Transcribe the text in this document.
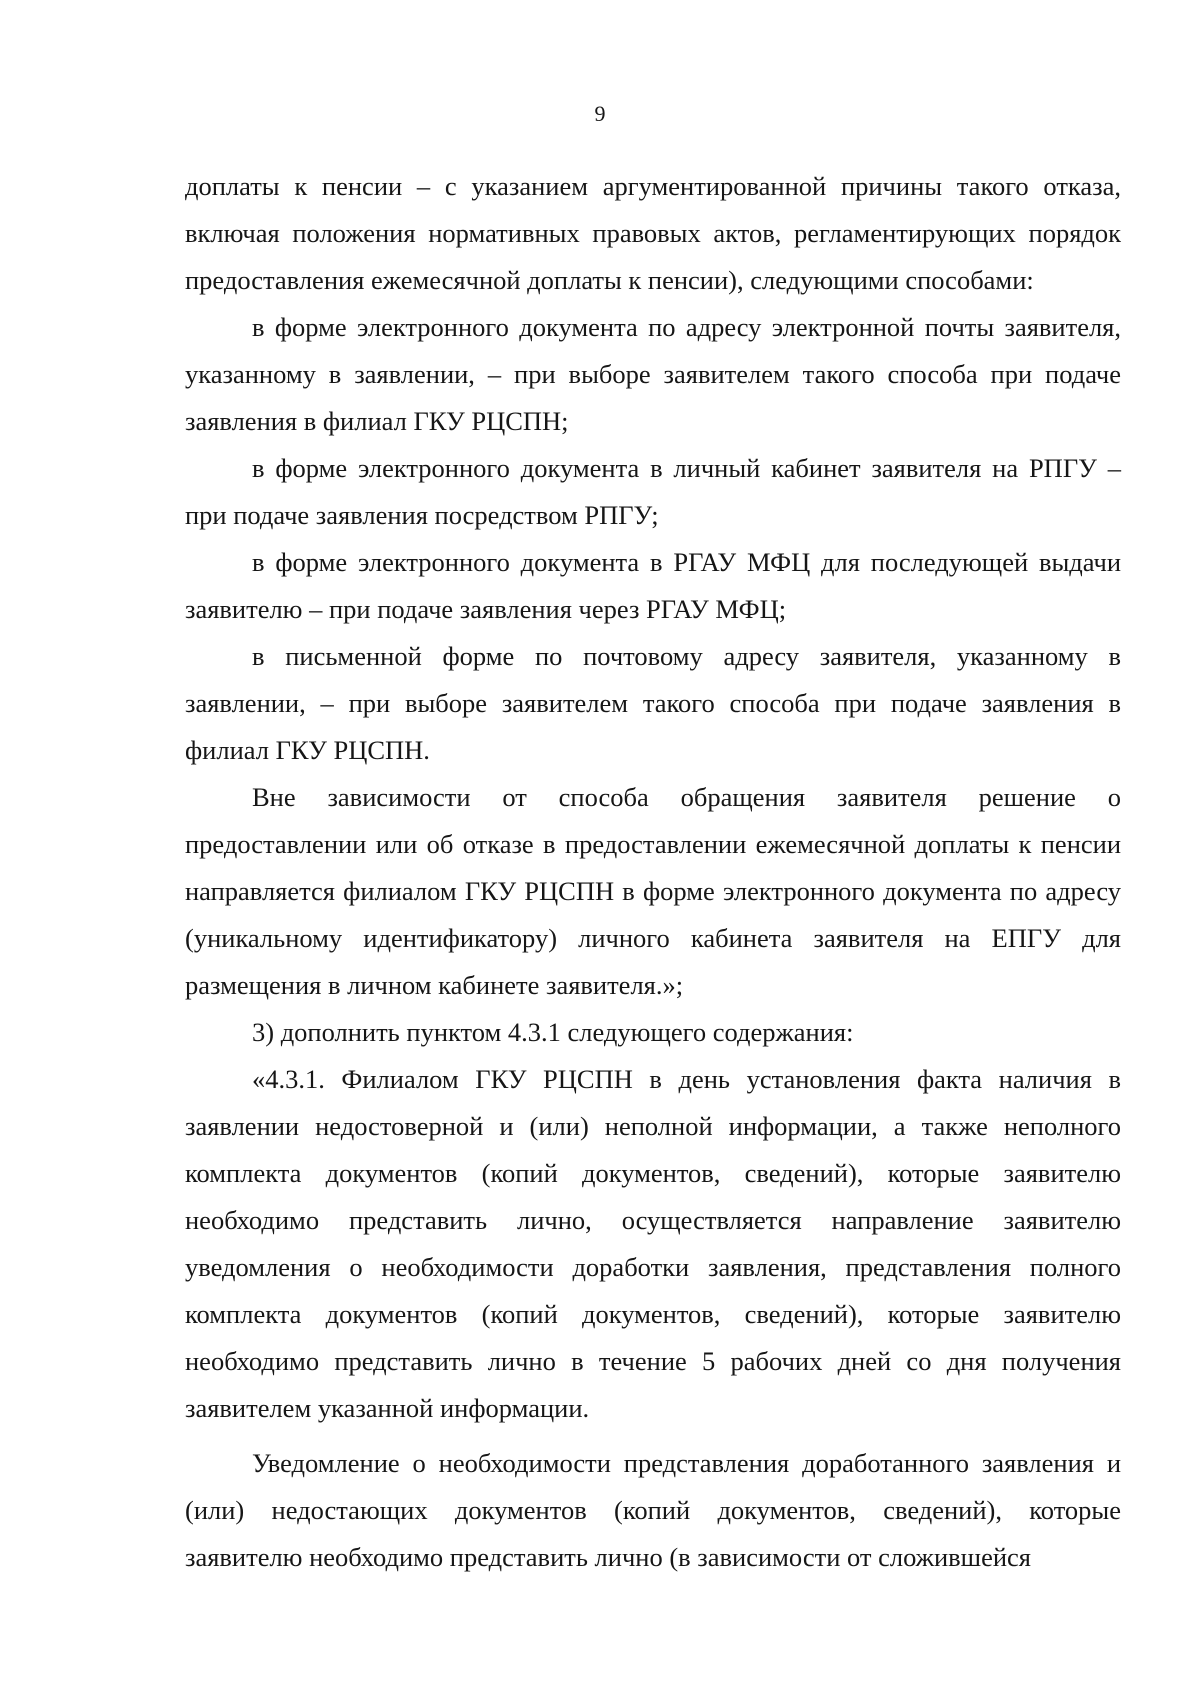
9

доплаты к пенсии – с указанием аргументированной причины такого отказа, включая положения нормативных правовых актов, регламентирующих порядок предоставления ежемесячной доплаты к пенсии), следующими способами:

в форме электронного документа по адресу электронной почты заявителя, указанному в заявлении, – при выборе заявителем такого способа при подаче заявления в филиал ГКУ РЦСПН;

в форме электронного документа в личный кабинет заявителя на РПГУ – при подаче заявления посредством РПГУ;

в форме электронного документа в РГАУ МФЦ для последующей выдачи заявителю – при подаче заявления через РГАУ МФЦ;

в письменной форме по почтовому адресу заявителя, указанному в заявлении, – при выборе заявителем такого способа при подаче заявления в филиал ГКУ РЦСПН.

Вне зависимости от способа обращения заявителя решение о предоставлении или об отказе в предоставлении ежемесячной доплаты к пенсии направляется филиалом ГКУ РЦСПН в форме электронного документа по адресу (уникальному идентификатору) личного кабинета заявителя на ЕПГУ для размещения в личном кабинете заявителя.»;

3) дополнить пунктом 4.3.1 следующего содержания:

«4.3.1. Филиалом ГКУ РЦСПН в день установления факта наличия в заявлении недостоверной и (или) неполной информации, а также неполного комплекта документов (копий документов, сведений), которые заявителю необходимо представить лично, осуществляется направление заявителю уведомления о необходимости доработки заявления, представления полного комплекта документов (копий документов, сведений), которые заявителю необходимо представить лично в течение 5 рабочих дней со дня получения заявителем указанной информации.

Уведомление о необходимости представления доработанного заявления и (или) недостающих документов (копий документов, сведений), которые заявителю необходимо представить лично (в зависимости от сложившейся
